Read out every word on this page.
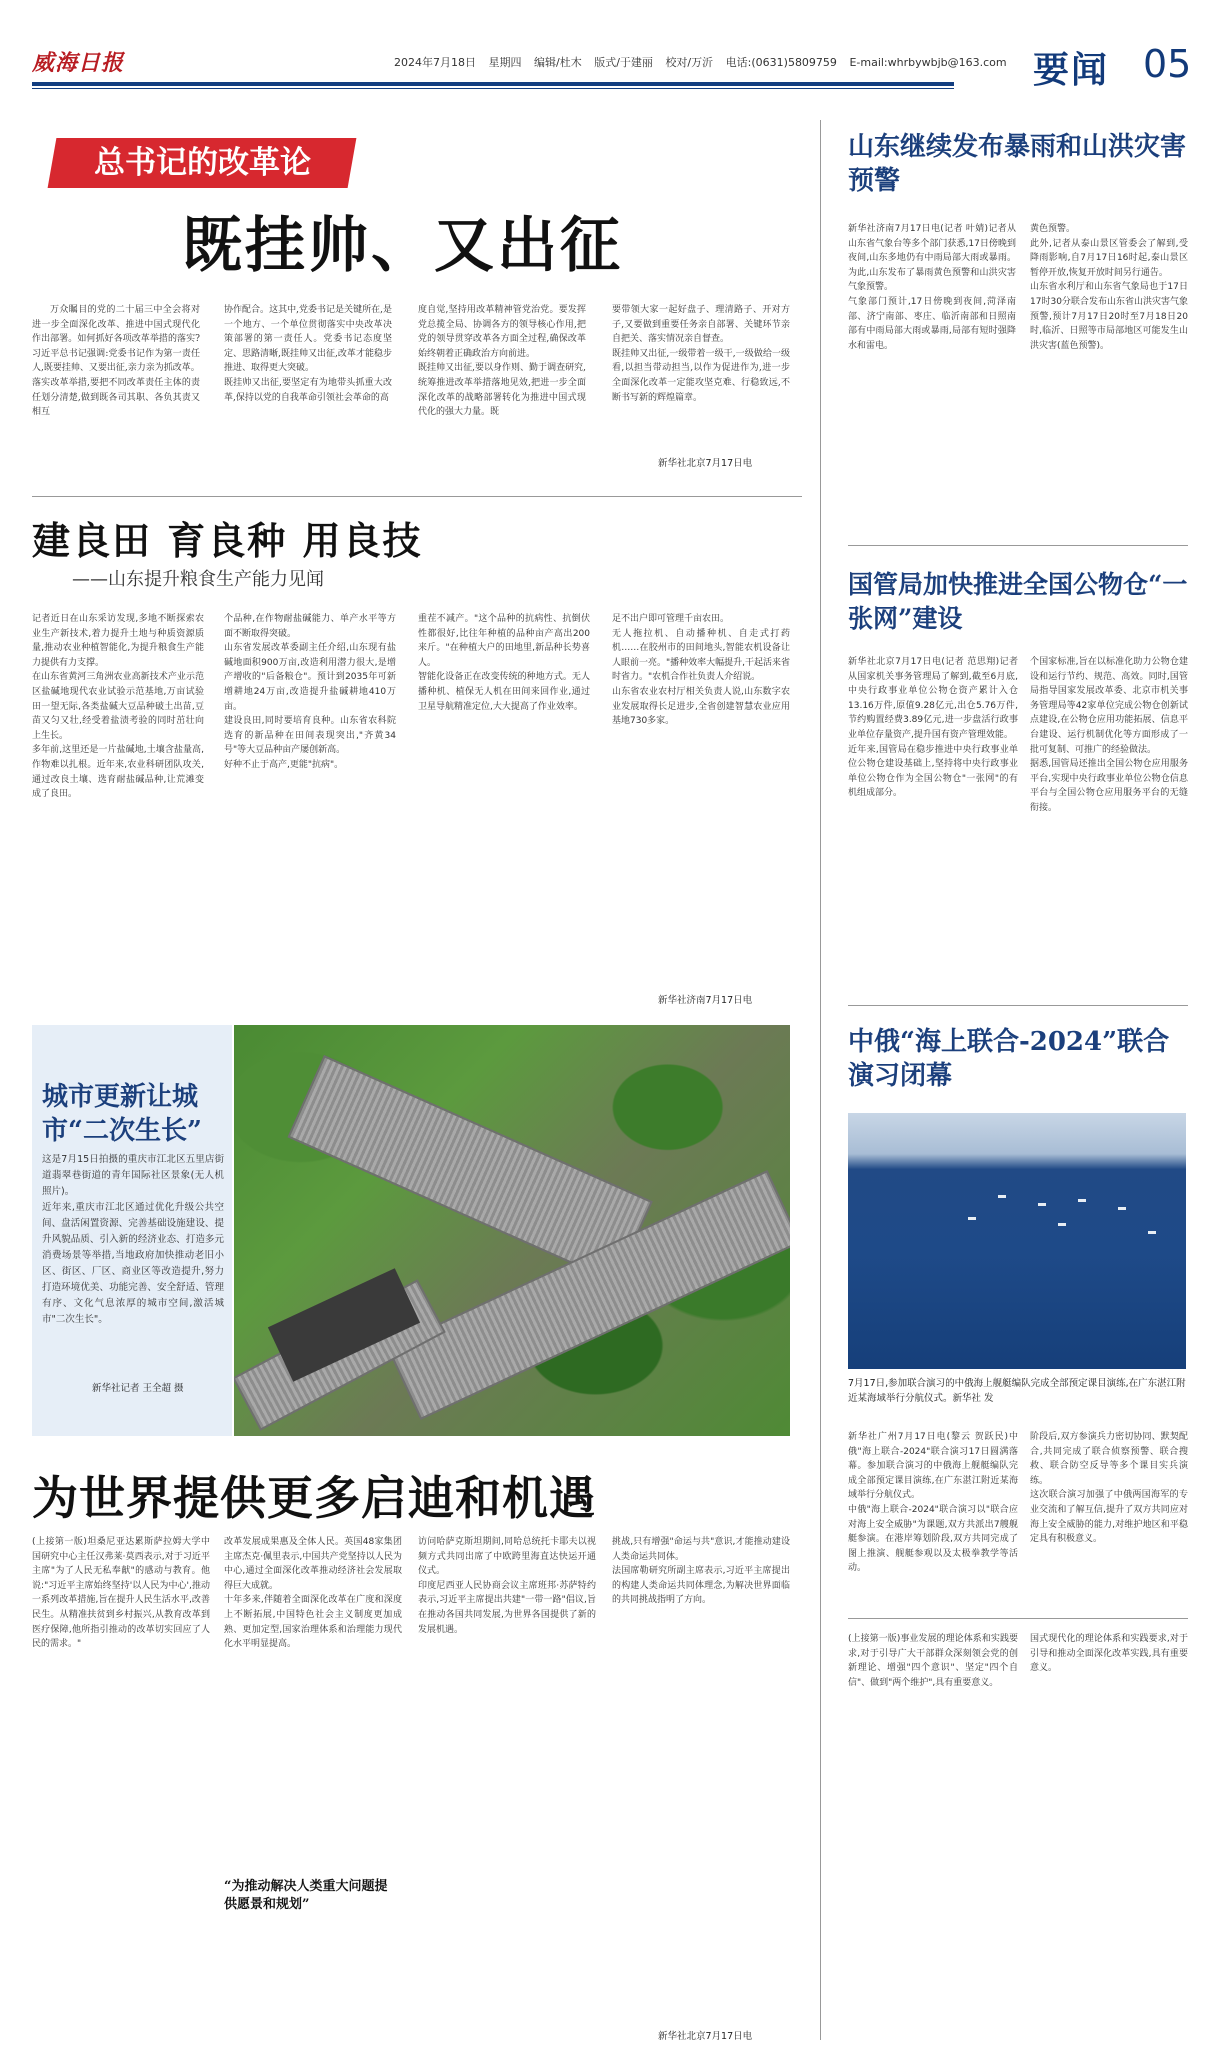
威海日报	2024年7月18日 星期四 编辑/杜木 版式/于建丽 校对/万沂 电话:(0631)5809759 E-mail:whrbywbjb@163.com 要闻 05
总书记的改革论
既挂帅、又出征
万众瞩目的党的二十届三中全会将对进一步全面深化改革、推进中国式现代化作出部署。如何抓好各项改革举措的落实?习近平总书记强调:党委书记作为第一责任人,既要挂帅、又要出征,亲力亲为抓改革。
落实改革举措,要把不同改革责任主体的责任划分清楚,做到既各司其职、各负其责又相互
协作配合。这其中,党委书记是关键所在,是一个地方、一个单位贯彻落实中央改革决策部署的第一责任人。党委书记态度坚定、思路清晰,既挂帅又出征,改革才能稳步推进、取得更大突破。
既挂帅又出征,要坚定有为地带头抓重大改革,保持以党的自我革命引领社会革命的高
度自觉,坚持用改革精神管党治党。要发挥党总揽全局、协调各方的领导核心作用,把党的领导贯穿改革各方面全过程,确保改革始终朝着正确政治方向前进。
既挂帅又出征,要以身作则、勤于调查研究,统筹推进改革举措落地见效,把进一步全面深化改革的战略部署转化为推进中国式现代化的强大力量。既
要带领大家一起好盘子、理清路子、开对方子,又要做到重要任务亲自部署、关键环节亲自把关、落实情况亲自督查。
既挂帅又出征,一级带着一级干,一级做给一级看,以担当带动担当,以作为促进作为,进一步全面深化改革一定能攻坚克难、行稳致远,不断书写新的辉煌篇章。
新华社北京7月17日电
建良田 育良种 用良技
——山东提升粮食生产能力见闻
记者近日在山东采访发现,多地不断探索农业生产新技术,着力提升土地与种质资源质量,推动农业种植智能化,为提升粮食生产能力提供有力支撑。
在山东省黄河三角洲农业高新技术产业示范区盐碱地现代农业试验示范基地,万亩试验田一望无际,各类盐碱大豆品种破土出苗,豆苗又匀又壮,经受着盐渍考验的同时茁壮向上生长。
多年前,这里还是一片盐碱地,土壤含盐量高,作物难以扎根。近年来,农业科研团队攻关,通过改良土壤、选育耐盐碱品种,让荒滩变成了良田。
个品种,在作物耐盐碱能力、单产水平等方面不断取得突破。
山东省发展改革委副主任介绍,山东现有盐碱地面积900万亩,改造利用潜力很大,是增产增收的"后备粮仓"。预计到2035年可新增耕地24万亩,改造提升盐碱耕地410万亩。
建设良田,同时要培育良种。山东省农科院选育的新品种在田间表现突出,"齐黄34号"等大豆品种亩产屡创新高。
好种不止于高产,更能"抗病"。
重茬不减产。"这个品种的抗病性、抗倒伏性都很好,比往年种植的品种亩产高出200来斤。"在种植大户的田地里,新品种长势喜人。
智能化设备正在改变传统的种地方式。无人播种机、植保无人机在田间来回作业,通过卫星导航精准定位,大大提高了作业效率。
足不出户即可管理千亩农田。
无人拖拉机、自动播种机、自走式打药机……在胶州市的田间地头,智能农机设备让人眼前一亮。"播种效率大幅提升,干起活来省时省力。"农机合作社负责人介绍说。
山东省农业农村厅相关负责人说,山东数字农业发展取得长足进步,全省创建智慧农业应用基地730多家。
新华社济南7月17日电
城市更新让城市“二次生长”
这是7月15日拍摄的重庆市江北区五里店街道翡翠巷街道的青年国际社区景象(无人机照片)。
近年来,重庆市江北区通过优化升级公共空间、盘活闲置资源、完善基础设施建设、提升风貌品质、引入新的经济业态、打造多元消费场景等举措,当地政府加快推动老旧小区、街区、厂区、商业区等改造提升,努力打造环境优美、功能完善、安全舒适、管理有序、文化气息浓厚的城市空间,激活城市"二次生长"。
新华社记者 王全超 摄
为世界提供更多启迪和机遇
(上接第一版)坦桑尼亚达累斯萨拉姆大学中国研究中心主任汉弗莱·莫西表示,对于习近平主席"为了人民无私奉献"的感动与教育。他说:"习近平主席始终坚持'以人民为中心',推动一系列改革措施,旨在提升人民生活水平,改善民生。从精准扶贫到乡村振兴,从教育改革到医疗保障,他所指引推动的改革切实回应了人民的需求。"
改革发展成果惠及全体人民。英国48家集团主席杰克·佩里表示,中国共产党坚持以人民为中心,通过全面深化改革推动经济社会发展取得巨大成就。
十年多来,伴随着全面深化改革在广度和深度上不断拓展,中国特色社会主义制度更加成熟、更加定型,国家治理体系和治理能力现代化水平明显提高。
“为推动解决人类重大问题提供愿景和规划”
访问哈萨克斯坦期间,同哈总统托卡耶夫以视频方式共同出席了中欧跨里海直达快运开通仪式。
印度尼西亚人民协商会议主席班邦·苏萨特约表示,习近平主席提出共建"一带一路"倡议,旨在推动各国共同发展,为世界各国提供了新的发展机遇。
挑战,只有增强"命运与共"意识,才能推动建设人类命运共同体。
法国席勒研究所副主席表示,习近平主席提出的构建人类命运共同体理念,为解决世界面临的共同挑战指明了方向。
新华社北京7月17日电
山东继续发布暴雨和山洪灾害预警
新华社济南7月17日电(记者 叶婧)记者从山东省气象台等多个部门获悉,17日傍晚到夜间,山东多地仍有中雨局部大雨或暴雨。为此,山东发布了暴雨黄色预警和山洪灾害气象预警。
气象部门预计,17日傍晚到夜间,菏泽南部、济宁南部、枣庄、临沂南部和日照南部有中雨局部大雨或暴雨,局部有短时强降水和雷电。
黄色预警。
此外,记者从泰山景区管委会了解到,受降雨影响,自7月17日16时起,泰山景区暂停开放,恢复开放时间另行通告。
山东省水利厅和山东省气象局也于17日17时30分联合发布山东省山洪灾害气象预警,预计7月17日20时至7月18日20时,临沂、日照等市局部地区可能发生山洪灾害(蓝色预警)。
国管局加快推进全国公物仓“一张网”建设
新华社北京7月17日电(记者 范思翔)记者从国家机关事务管理局了解到,截至6月底,中央行政事业单位公物仓资产累计入仓13.16万件,原值9.28亿元,出仓5.76万件,节约购置经费3.89亿元,进一步盘活行政事业单位存量资产,提升国有资产管理效能。
近年来,国管局在稳步推进中央行政事业单位公物仓建设基础上,坚持将中央行政事业单位公物仓作为全国公物仓"一张网"的有机组成部分。
个国家标准,旨在以标准化助力公物仓建设和运行节约、规范、高效。同时,国管局指导国家发展改革委、北京市机关事务管理局等42家单位完成公物仓创新试点建设,在公物仓应用功能拓展、信息平台建设、运行机制优化等方面形成了一批可复制、可推广的经验做法。
据悉,国管局还推出全国公物仓应用服务平台,实现中央行政事业单位公物仓信息平台与全国公物仓应用服务平台的无缝衔接。
中俄“海上联合-2024”联合演习闭幕
7月17日,参加联合演习的中俄海上舰艇编队完成全部预定课目演练,在广东湛江附近某海域举行分航仪式。新华社 发
新华社广州7月17日电(黎云 贺跃民)中俄"海上联合-2024"联合演习17日圆满落幕。参加联合演习的中俄海上舰艇编队完成全部预定课目演练,在广东湛江附近某海域举行分航仪式。
中俄"海上联合-2024"联合演习以"联合应对海上安全威胁"为课题,双方共派出7艘舰艇参演。在港岸筹划阶段,双方共同完成了图上推演、舰艇参观以及太极拳教学等活动。
阶段后,双方参演兵力密切协同、默契配合,共同完成了联合侦察预警、联合搜救、联合防空反导等多个课目实兵演练。
这次联合演习加强了中俄两国海军的专业交流和了解互信,提升了双方共同应对海上安全威胁的能力,对维护地区和平稳定具有积极意义。
(上接第一版)事业发展的理论体系和实践要求,对于引导广大干部群众深刻领会党的创新理论、增强"四个意识"、坚定"四个自信"、做到"两个维护",具有重要意义。
国式现代化的理论体系和实践要求,对于引导和推动全面深化改革实践,具有重要意义。
